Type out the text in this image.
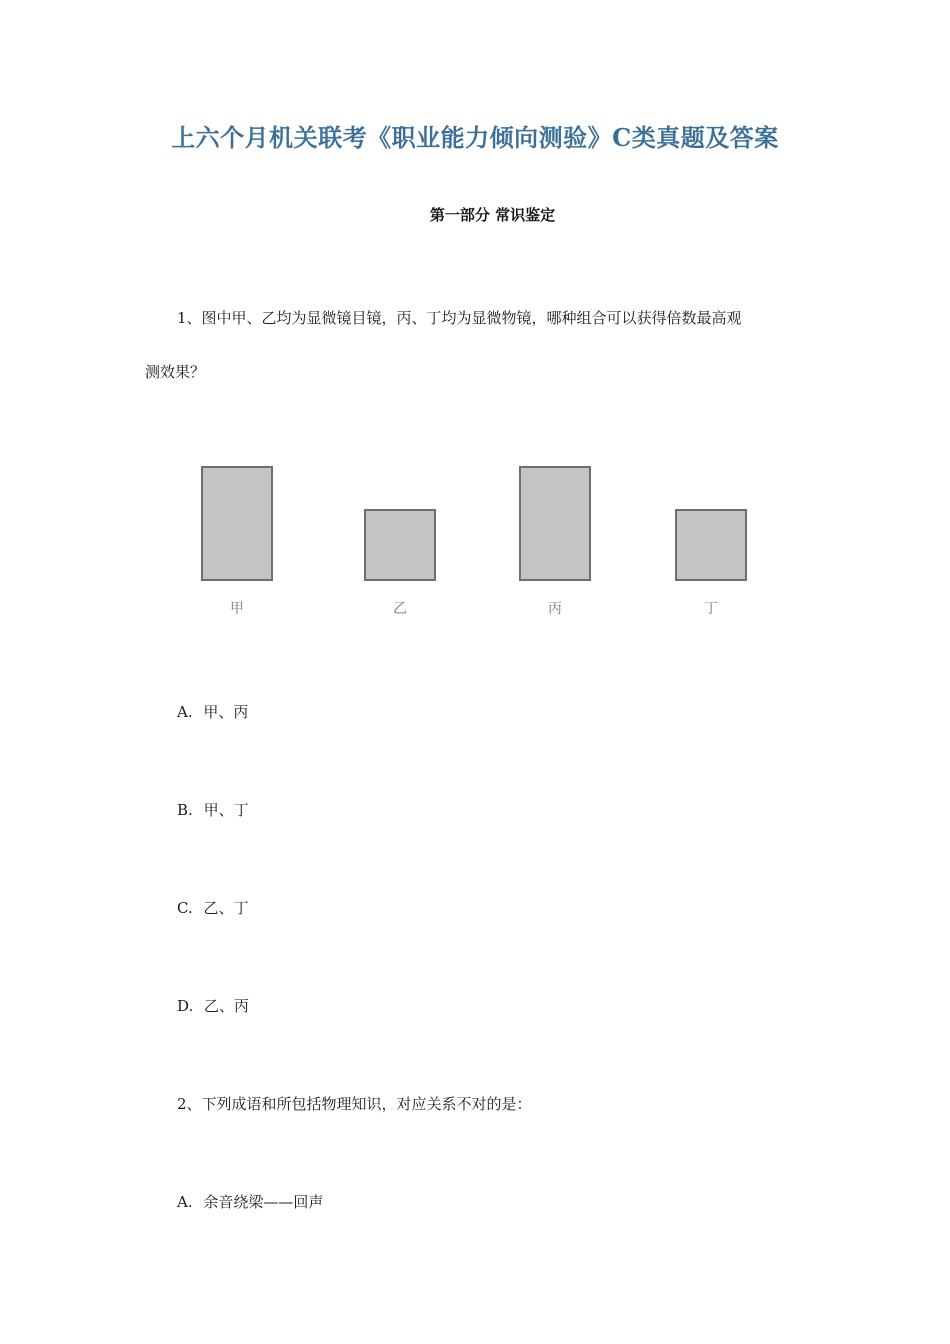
上六个月机关联考《职业能力倾向测验》C类真题及答案
第一部分 常识鉴定
1、图中甲、乙均为显微镜目镜，丙、丁均为显微物镜，哪种组合可以获得倍数最高观
测效果？
甲	乙	丙	丁
A. 甲、丙
B. 甲、丁
C. 乙、丁
D. 乙、丙
2、下列成语和所包括物理知识，对应关系不对的是：
A. 余音绕梁——回声
